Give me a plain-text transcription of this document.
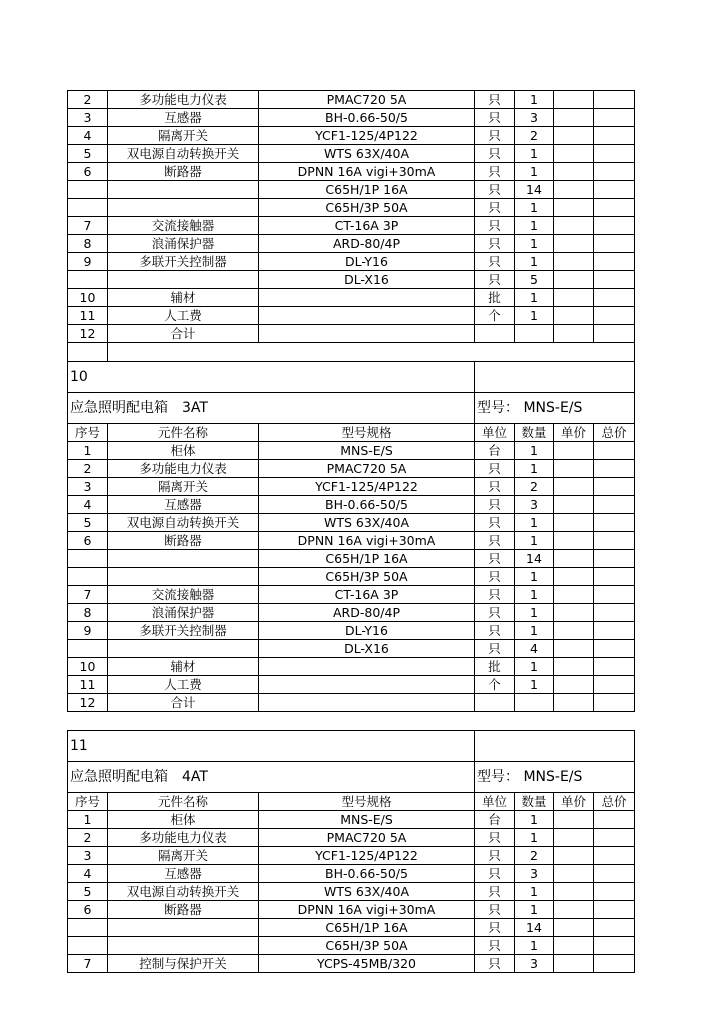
2	多功能电力仪表	PMAC720 5A	只	1		
3	互感器	BH-0.66-50/5	只	3		
4	隔离开关	YCF1-125/4P122	只	2		
5	双电源自动转换开关	WTS 63X/40A	只	1		
6	断路器	DPNN 16A vigi+30mA	只	1		
		C65H/1P 16A	只	14		
		C65H/3P 50A	只	1		
7	交流接触器	CT-16A 3P	只	1		
8	浪涌保护器	ARD-80/4P	只	1		
9	多联开关控制器	DL-Y16	只	1		
		DL-X16	只	5		
10	辅材		批	1		
11	人工费		个	1		
12	合计					

10						
应急照明配电箱　3AT			型号： MNS-E/S			
序号	元件名称	型号规格	单位	数量	单价	总价
1	柜体	MNS-E/S	台	1		
2	多功能电力仪表	PMAC720 5A	只	1		
3	隔离开关	YCF1-125/4P122	只	2		
4	互感器	BH-0.66-50/5	只	3		
5	双电源自动转换开关	WTS 63X/40A	只	1		
6	断路器	DPNN 16A vigi+30mA	只	1		
		C65H/1P 16A	只	14		
		C65H/3P 50A	只	1		
7	交流接触器	CT-16A 3P	只	1		
8	浪涌保护器	ARD-80/4P	只	1		
9	多联开关控制器	DL-Y16	只	1		
		DL-X16	只	4		
10	辅材		批	1		
11	人工费		个	1		
12	合计					

11						
应急照明配电箱　4AT			型号： MNS-E/S			
序号	元件名称	型号规格	单位	数量	单价	总价
1	柜体	MNS-E/S	台	1		
2	多功能电力仪表	PMAC720 5A	只	1		
3	隔离开关	YCF1-125/4P122	只	2		
4	互感器	BH-0.66-50/5	只	3		
5	双电源自动转换开关	WTS 63X/40A	只	1		
6	断路器	DPNN 16A vigi+30mA	只	1		
		C65H/1P 16A	只	14		
		C65H/3P 50A	只	1		
7	控制与保护开关	YCPS-45MB/320	只	3		
